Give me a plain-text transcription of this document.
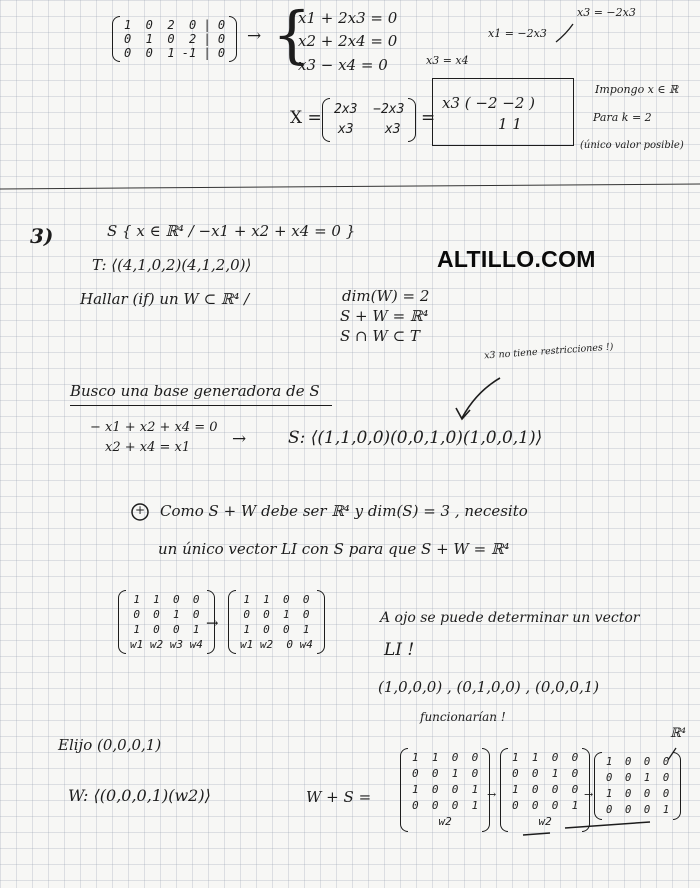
ALTILLO.COM
1  0  2  0 | 0
0  1  0  2 | 0
0  0  1 -1 | 0
→ {
x1 + 2x3 = 0
x2 + 2x4 = 0
x3 − x4 = 0
x1 = −2x3
x3 = −2x3
x3 = x4
X = 2x3  −2x3
x3    x3
=
x3 ( −2 −2 )
1 1
Impongo x ∈ ℝ
Para k = 2
(único valor posible)
3)	S { x ∈ ℝ⁴ / −x1 + x2 + x4 = 0 }
T: ⟨(4,1,0,2)(4,1,2,0)⟩
Hallar (if) un W ⊂ ℝ⁴ /	dim(W) = 2
S + W = ℝ⁴
S ∩ W ⊂ T
x3 no tiene restricciones !)
Busco una base generadora de S
− x1 + x2 + x4 = 0
x2 + x4 = x1 → S: ⟨(1,1,0,0)(0,0,1,0)(1,0,0,1)⟩
+ Como S + W debe ser ℝ⁴ y dim(S) = 3 , necesito
un único vector LI con S para que S + W = ℝ⁴
1  1  0  0
0  0  1  0
1  0  0  1
w1 w2 w3 w4
→
1  1  0  0
0  0  1  0
1  0  0  1
w1 w2  0 w4
A ojo se puede determinar un vector
LI !
(1,0,0,0) , (0,1,0,0) , (0,0,0,1)
funcionarían !
Elijo (0,0,0,1)
W: ⟨(0,0,0,1)(w2)⟩	W + S =
1  1  0  0
0  0  1  0
1  0  0  1
0  0  0  1
w2
→
1  1  0  0
0  0  1  0
1  0  0  0
0  0  0  1
w2
→
1  0  0  0
0  0  1  0
1  0  0  0
0  0  0  1
ℝ⁴
